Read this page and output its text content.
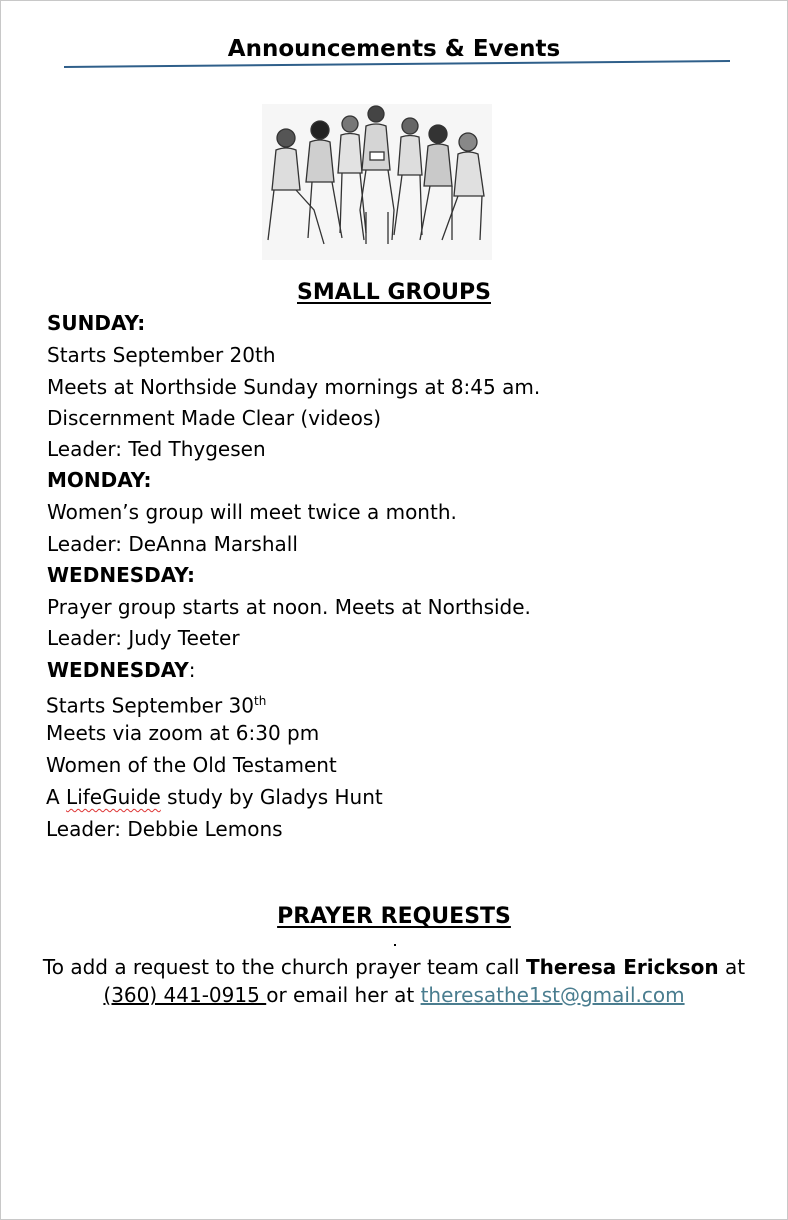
Announcements & Events
SMALL GROUPS
SUNDAY:
Starts September 20th
Meets at Northside Sunday mornings at 8:45 am.
Discernment Made Clear (videos)
Leader: Ted Thygesen
MONDAY:
Women’s group will meet twice a month.
Leader: DeAnna Marshall
WEDNESDAY:
Prayer group starts at noon. Meets at Northside.
Leader: Judy Teeter
WEDNESDAY:
Starts September 30th
Meets via zoom at 6:30 pm
Women of the Old Testament
A LifeGuide study by Gladys Hunt
Leader: Debbie Lemons
PRAYER REQUESTS
To add a request to the church prayer team call Theresa Erickson at
(360) 441-0915 or email her at theresathe1st@gmail.com
